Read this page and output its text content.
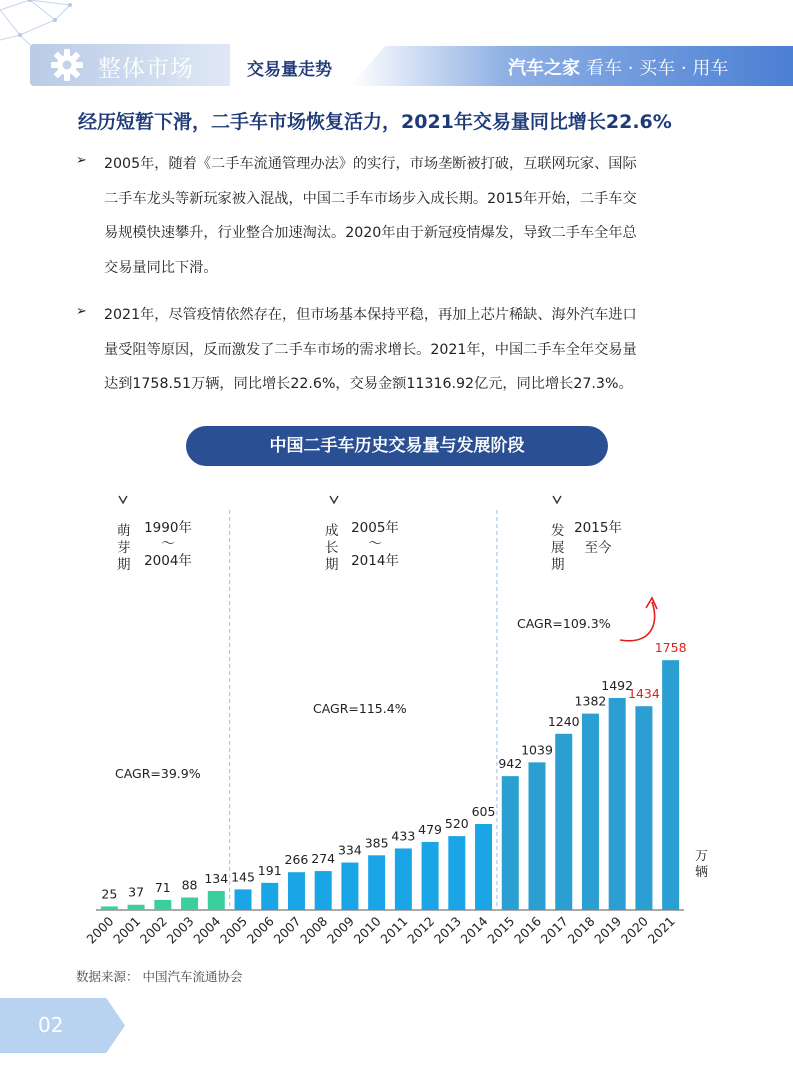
整体市场	交易量走势	汽车之家 看车 · 买车 · 用车
经历短暂下滑，二手车市场恢复活力，2021年交易量同比增长22.6%
➢ 2005年，随着《二手车流通管理办法》的实行，市场垄断被打破，互联网玩家、国际
二手车龙头等新玩家被入混战，中国二手车市场步入成长期。2015年开始，二手车交
易规模快速攀升，行业整合加速淘汰。2020年由于新冠疫情爆发，导致二手车全年总
交易量同比下滑。
➢ 2021年，尽管疫情依然存在，但市场基本保持平稳，再加上芯片稀缺、海外汽车进口
量受阻等原因，反而激发了二手车市场的需求增长。2021年，中国二手车全年交易量
达到1758.51万辆，同比增长22.6%，交易金额11316.92亿元，同比增长27.3%。
中国二手车历史交易量与发展阶段
25
2000
37
2001
71
2002
88
2003
134
2004
145
2005
191
2006
266
2007
274
2008
334
2009
385
2010
433
2011
479
2012
520
2013
605
2014
942
2015
1039
2016
1240
2017
1382
2018
1492
2019
1434
2020
1758
2021
万辆
萌芽期
1990年
～
2004年
CAGR=39.9%
成长期
2005年
～
2014年
CAGR=115.4%
发展期
2015年
至今
CAGR=109.3%
数据来源： 中国汽车流通协会
02
